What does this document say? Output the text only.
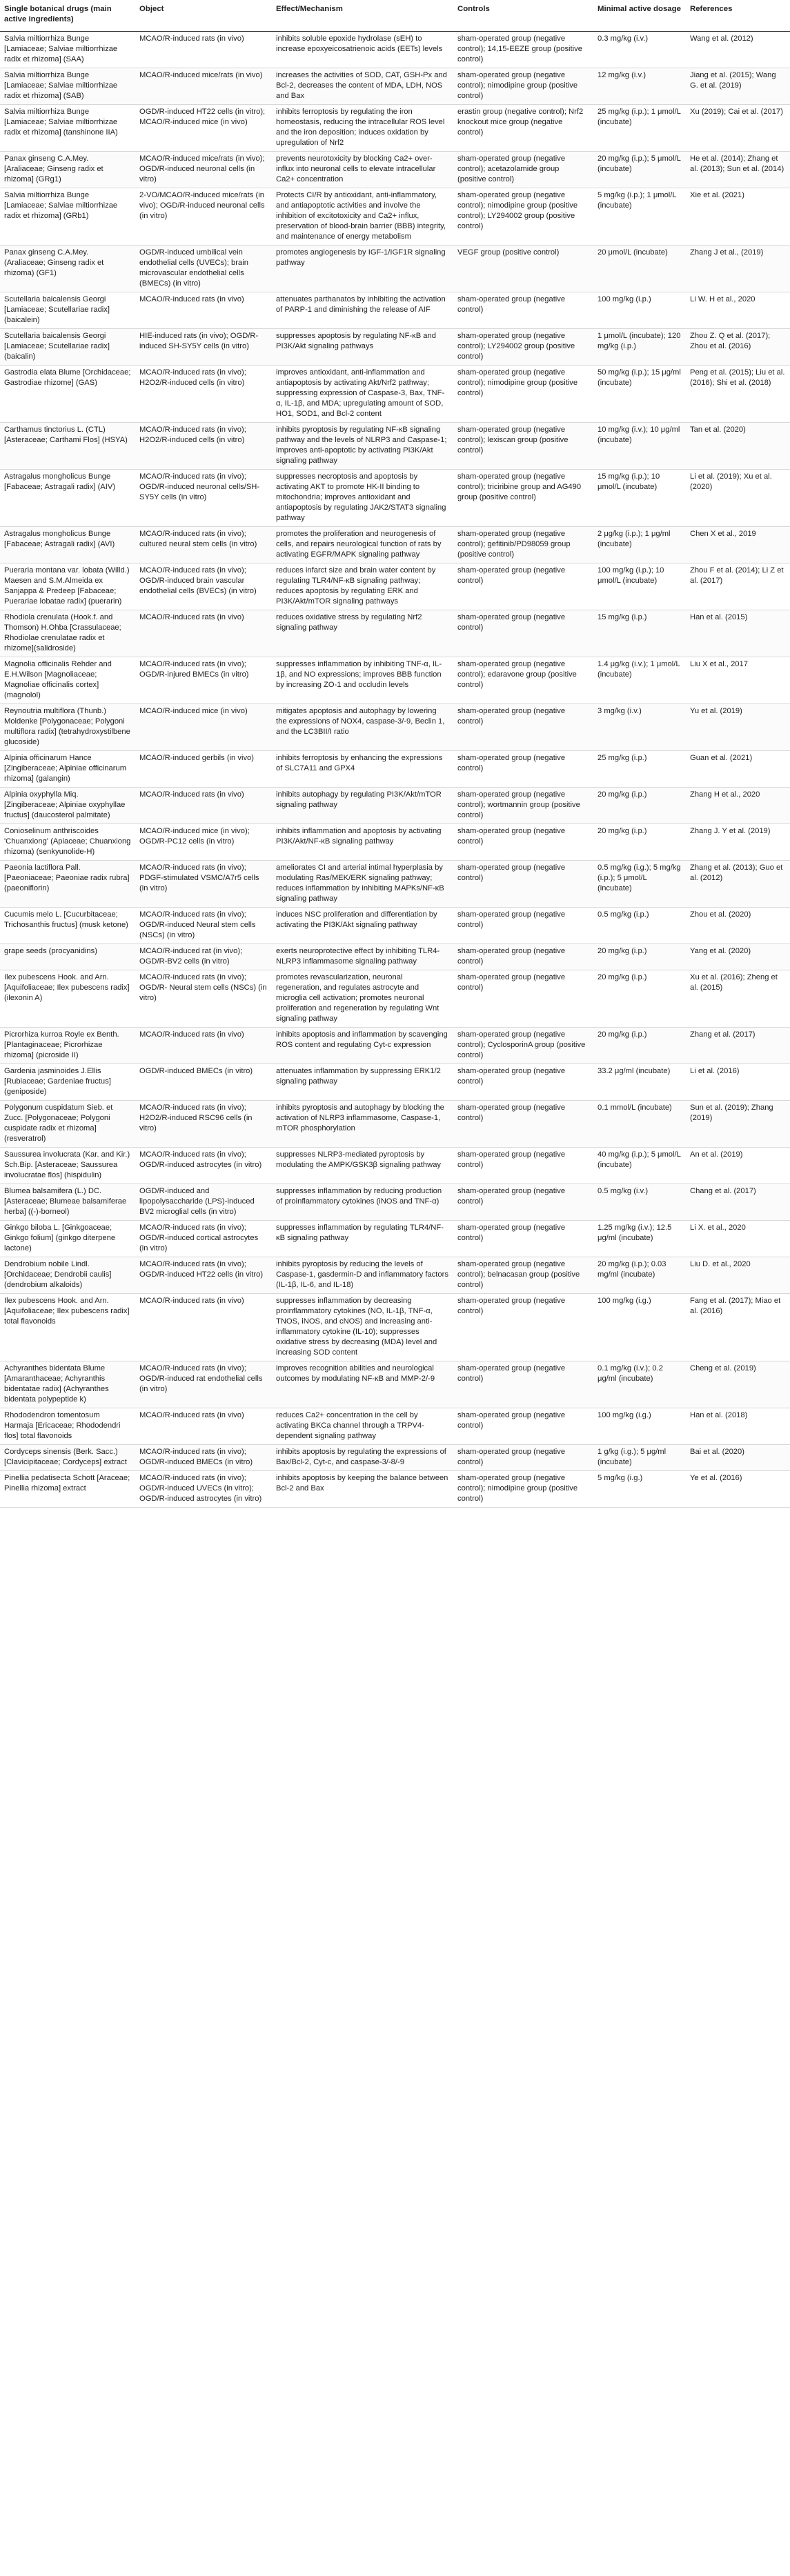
Single botanical drugs (main active ingredients)	Object	Effect/Mechanism	Controls	Minimal active dosage	References
Salvia miltiorrhiza Bunge [Lamiaceae; Salviae miltiorrhizae radix et rhizoma] (SAA)	MCAO/R-induced rats (in vivo)	inhibits soluble epoxide hydrolase (sEH) to increase epoxyeicosatrienoic acids (EETs) levels	sham-operated group (negative control); 14,15-EEZE group (positive control)	0.3 mg/kg (i.v.)	Wang et al. (2012)
Salvia miltiorrhiza Bunge [Lamiaceae; Salviae miltiorrhizae radix et rhizoma] (SAB)	MCAO/R-induced mice/rats (in vivo)	increases the activities of SOD, CAT, GSH-Px and Bcl-2, decreases the content of MDA, LDH, NOS and Bax	sham-operated group (negative control); nimodipine group (positive control)	12 mg/kg (i.v.)	Jiang et al. (2015); Wang G. et al. (2019)
Salvia miltiorrhiza Bunge [Lamiaceae; Salviae miltiorrhizae radix et rhizoma] (tanshinone IIA)	OGD/R-induced HT22 cells (in vitro); MCAO/R-induced mice (in vivo)	inhibits ferroptosis by regulating the iron homeostasis, reducing the intracellular ROS level and the iron deposition; induces oxidation by upregulation of Nrf2	erastin group (negative control); Nrf2 knockout mice group (negative control)	25 mg/kg (i.p.); 1 μmol/L (incubate)	Xu (2019); Cai et al. (2017)
Panax ginseng C.A.Mey. [Araliaceae; Ginseng radix et rhizoma] (GRg1)	MCAO/R-induced mice/rats (in vivo); OGD/R-induced neuronal cells (in vitro)	prevents neurotoxicity by blocking Ca2+ over-influx into neuronal cells to elevate intracellular Ca2+ concentration	sham-operated group (negative control); acetazolamide group (positive control)	20 mg/kg (i.p.); 5 μmol/L (incubate)	He et al. (2014); Zhang et al. (2013); Sun et al. (2014)
Salvia miltiorrhiza Bunge [Lamiaceae; Salviae miltiorrhizae radix et rhizoma] (GRb1)	2-VO/MCAO/R-induced mice/rats (in vivo); OGD/R-induced neuronal cells (in vitro)	Protects CI/R by antioxidant, anti-inflammatory, and antiapoptotic activities and involve the inhibition of excitotoxicity and Ca2+ influx, preservation of blood-brain barrier (BBB) integrity, and maintenance of energy metabolism	sham-operated group (negative control); nimodipine group (positive control); LY294002 group (positive control)	5 mg/kg (i.p.); 1 μmol/L (incubate)	Xie et al. (2021)
Panax ginseng C.A.Mey. (Araliaceae; Ginseng radix et rhizoma) (GF1)	OGD/R-induced umbilical vein endothelial cells (UVECs); brain microvascular endothelial cells (BMECs) (in vitro)	promotes angiogenesis by IGF-1/IGF1R signaling pathway	VEGF group (positive control)	20 μmol/L (incubate)	Zhang J et al., (2019)
Scutellaria baicalensis Georgi [Lamiaceae; Scutellariae radix] (baicalein)	MCAO/R-induced rats (in vivo)	attenuates parthanatos by inhibiting the activation of PARP-1 and diminishing the release of AIF	sham-operated group (negative control)	100 mg/kg (i.p.)	Li W. H et al., 2020
Scutellaria baicalensis Georgi [Lamiaceae; Scutellariae radix] (baicalin)	HIE-induced rats (in vivo); OGD/R-induced SH-SY5Y cells (in vitro)	suppresses apoptosis by regulating NF-κB and PI3K/Akt signaling pathways	sham-operated group (negative control); LY294002 group (positive control)	1 μmol/L (incubate); 120 mg/kg (i.p.)	Zhou Z. Q et al. (2017); Zhou et al. (2016)
Gastrodia elata Blume [Orchidaceae; Gastrodiae rhizome] (GAS)	MCAO/R-induced rats (in vivo); H2O2/R-induced cells (in vitro)	improves antioxidant, anti-inflammation and antiapoptosis by activating Akt/Nrf2 pathway; suppressing expression of Caspase-3, Bax, TNF-α, IL-1β, and MDA; upregulating amount of SOD, HO1, SOD1, and Bcl-2 content	sham-operated group (negative control); nimodipine group (positive control)	50 mg/kg (i.p.); 15 μg/ml (incubate)	Peng et al. (2015); Liu et al. (2016); Shi et al. (2018)
Carthamus tinctorius L. (CTL) [Asteraceae; Carthami Flos] (HSYA)	MCAO/R-induced rats (in vivo); H2O2/R-induced cells (in vitro)	inhibits pyroptosis by regulating NF-κB signaling pathway and the levels of NLRP3 and Caspase-1; improves anti-apoptotic by activating PI3K/Akt signaling pathway	sham-operated group (negative control); lexiscan group (positive control)	10 mg/kg (i.v.); 10 μg/ml (incubate)	Tan et al. (2020)
Astragalus mongholicus Bunge [Fabaceae; Astragali radix] (AIV)	MCAO/R-induced rats (in vivo); OGD/R-induced neuronal cells/SH-SY5Y cells (in vitro)	suppresses necroptosis and apoptosis by activating AKT to promote HK-II binding to mitochondria; improves antioxidant and antiapoptosis by regulating JAK2/STAT3 signaling pathway	sham-operated group (negative control); triciribine group and AG490 group (positive control)	15 mg/kg (i.p.); 10 μmol/L (incubate)	Li et al. (2019); Xu et al. (2020)
Astragalus mongholicus Bunge [Fabaceae; Astragali radix] (AVI)	MCAO/R-induced rats (in vivo); cultured neural stem cells (in vitro)	promotes the proliferation and neurogenesis of cells, and repairs neurological function of rats by activating EGFR/MAPK signaling pathway	sham-operated group (negative control); gefitinib/PD98059 group (positive control)	2 μg/kg (i.p.); 1 μg/ml (incubate)	Chen X et al., 2019
Pueraria montana var. lobata (Willd.) Maesen and S.M.Almeida ex Sanjappa & Predeep [Fabaceae; Puerariae lobatae radix] (puerarin)	MCAO/R-induced rats (in vivo); OGD/R-induced brain vascular endothelial cells (BVECs) (in vitro)	reduces infarct size and brain water content by regulating TLR4/NF-κB signaling pathway; reduces apoptosis by regulating ERK and PI3K/Akt/mTOR signaling pathways	sham-operated group (negative control)	100 mg/kg (i.p.); 10 μmol/L (incubate)	Zhou F et al. (2014); Li Z et al. (2017)
Rhodiola crenulata (Hook.f. and Thomson) H.Ohba [Crassulaceae; Rhodiolae crenulatae radix et rhizome](salidroside)	MCAO/R-induced rats (in vivo)	reduces oxidative stress by regulating Nrf2 signaling pathway	sham-operated group (negative control)	15 mg/kg (i.p.)	Han et al. (2015)
Magnolia officinalis Rehder and E.H.Wilson [Magnoliaceae; Magnoliae officinalis cortex] (magnolol)	MCAO/R-induced rats (in vivo); OGD/R-injured BMECs (in vitro)	suppresses inflammation by inhibiting TNF-α, IL-1β, and NO expressions; improves BBB function by increasing ZO-1 and occludin levels	sham-operated group (negative control); edaravone group (positive control)	1.4 μg/kg (i.v.); 1 μmol/L (incubate)	Liu X et al., 2017
Reynoutria multiflora (Thunb.) Moldenke [Polygonaceae; Polygoni multiflora radix] (tetrahydroxystilbene glucoside)	MCAO/R-induced mice (in vivo)	mitigates apoptosis and autophagy by lowering the expressions of NOX4, caspase-3/-9, Beclin 1, and the LC3BII/I ratio	sham-operated group (negative control)	3 mg/kg (i.v.)	Yu et al. (2019)
Alpinia officinarum Hance [Zingiberaceae; Alpiniae officinarum rhizoma] (galangin)	MCAO/R-induced gerbils (in vivo)	inhibits ferroptosis by enhancing the expressions of SLC7A11 and GPX4	sham-operated group (negative control)	25 mg/kg (i.p.)	Guan et al. (2021)
Alpinia oxyphylla Miq. [Zingiberaceae; Alpiniae oxyphyllae fructus] (daucosterol palmitate)	MCAO/R-induced rats (in vivo)	inhibits autophagy by regulating PI3K/Akt/mTOR signaling pathway	sham-operated group (negative control); wortmannin group (positive control)	20 mg/kg (i.p.)	Zhang H et al., 2020
Conioselinum anthriscoides 'Chuanxiong' (Apiaceae; Chuanxiong rhizoma) (senkyunolide-H)	MCAO/R-induced mice (in vivo); OGD/R-PC12 cells (in vitro)	inhibits inflammation and apoptosis by activating PI3K/Akt/NF-κB signaling pathway	sham-operated group (negative control)	20 mg/kg (i.p.)	Zhang J. Y et al. (2019)
Paeonia lactiflora Pall. [Paeoniaceae; Paeoniae radix rubra] (paeoniflorin)	MCAO/R-induced rats (in vivo); PDGF-stimulated VSMC/A7r5 cells (in vitro)	ameliorates CI and arterial intimal hyperplasia by modulating Ras/MEK/ERK signaling pathway; reduces inflammation by inhibiting MAPKs/NF-κB signaling pathway	sham-operated group (negative control)	0.5 mg/kg (i.g.); 5 mg/kg (i.p.); 5 μmol/L (incubate)	Zhang et al. (2013); Guo et al. (2012)
Cucumis melo L. [Cucurbitaceae; Trichosanthis fructus] (musk ketone)	MCAO/R-induced rats (in vivo); OGD/R-induced Neural stem cells (NSCs) (in vitro)	induces NSC proliferation and differentiation by activating the PI3K/Akt signaling pathway	sham-operated group (negative control)	0.5 mg/kg (i.p.)	Zhou et al. (2020)
grape seeds (procyanidins)	MCAO/R-induced rat (in vivo); OGD/R-BV2 cells (in vitro)	exerts neuroprotective effect by inhibiting TLR4-NLRP3 inflammasome signaling pathway	sham-operated group (negative control)	20 mg/kg (i.p.)	Yang et al. (2020)
Ilex pubescens Hook. and Arn. [Aquifoliaceae; Ilex pubescens radix] (ilexonin A)	MCAO/R-induced rats (in vivo); OGD/R- Neural stem cells (NSCs) (in vitro)	promotes revascularization, neuronal regeneration, and regulates astrocyte and microglia cell activation; promotes neuronal proliferation and regeneration by regulating Wnt signaling pathway	sham-operated group (negative control)	20 mg/kg (i.p.)	Xu et al. (2016); Zheng et al. (2015)
Picrorhiza kurroa Royle ex Benth. [Plantaginaceae; Picrorhizae rhizoma] (picroside II)	MCAO/R-induced rats (in vivo)	inhibits apoptosis and inflammation by scavenging ROS content and regulating Cyt-c expression	sham-operated group (negative control); CyclosporinA group (positive control)	20 mg/kg (i.p.)	Zhang et al. (2017)
Gardenia jasminoides J.Ellis [Rubiaceae; Gardeniae fructus] (geniposide)	OGD/R-induced BMECs (in vitro)	attenuates inflammation by suppressing ERK1/2 signaling pathway	sham-operated group (negative control)	33.2 μg/ml (incubate)	Li et al. (2016)
Polygonum cuspidatum Sieb. et Zucc. [Polygonaceae; Polygoni cuspidate radix et rhizoma] (resveratrol)	MCAO/R-induced rats (in vivo); H2O2/R-induced RSC96 cells (in vitro)	inhibits pyroptosis and autophagy by blocking the activation of NLRP3 inflammasome, Caspase-1, mTOR phosphorylation	sham-operated group (negative control)	0.1 mmol/L (incubate)	Sun et al. (2019); Zhang (2019)
Saussurea involucrata (Kar. and Kir.) Sch.Bip. [Asteraceae; Saussurea involucratae flos] (hispidulin)	MCAO/R-induced rats (in vivo); OGD/R-induced astrocytes (in vitro)	suppresses NLRP3-mediated pyroptosis by modulating the AMPK/GSK3β signaling pathway	sham-operated group (negative control)	40 mg/kg (i.p.); 5 μmol/L (incubate)	An et al. (2019)
Blumea balsamifera (L.) DC. [Asteraceae; Blumeae balsamiferae herba] ((-)-borneol)	OGD/R-induced and lipopolysaccharide (LPS)-induced BV2 microglial cells (in vitro)	suppresses inflammation by reducing production of proinflammatory cytokines (iNOS and TNF-α)	sham-operated group (negative control)	0.5 mg/kg (i.v.)	Chang et al. (2017)
Ginkgo biloba L. [Ginkgoaceae; Ginkgo folium] (ginkgo diterpene lactone)	MCAO/R-induced rats (in vivo); OGD/R-induced cortical astrocytes (in vitro)	suppresses inflammation by regulating TLR4/NF-κB signaling pathway	sham-operated group (negative control)	1.25 mg/kg (i.v.); 12.5 μg/ml (incubate)	Li X. et al., 2020
Dendrobium nobile Lindl. [Orchidaceae; Dendrobii caulis] (dendrobium alkaloids)	MCAO/R-induced rats (in vivo); OGD/R-induced HT22 cells (in vitro)	inhibits pyroptosis by reducing the levels of Caspase-1, gasdermin-D and inflammatory factors (IL-1β, IL-6, and IL-18)	sham-operated group (negative control); belnacasan group (positive control)	20 mg/kg (i.p.); 0.03 mg/ml (incubate)	Liu D. et al., 2020
Ilex pubescens Hook. and Arn. [Aquifoliaceae; Ilex pubescens radix] total flavonoids	MCAO/R-induced rats (in vivo)	suppresses inflammation by decreasing proinflammatory cytokines (NO, IL-1β, TNF-α, TNOS, iNOS, and cNOS) and increasing anti-inflammatory cytokine (IL-10); suppresses oxidative stress by decreasing (MDA) level and increasing SOD content	sham-operated group (negative control)	100 mg/kg (i.g.)	Fang et al. (2017); Miao et al. (2016)
Achyranthes bidentata Blume [Amaranthaceae; Achyranthis bidentatae radix] (Achyranthes bidentata polypeptide k)	MCAO/R-induced rats (in vivo); OGD/R-induced rat endothelial cells (in vitro)	improves recognition abilities and neurological outcomes by modulating NF-κB and MMP-2/-9	sham-operated group (negative control)	0.1 mg/kg (i.v.); 0.2 μg/ml (incubate)	Cheng et al. (2019)
Rhododendron tomentosum Harmaja [Ericaceae; Rhododendri flos] total flavonoids	MCAO/R-induced rats (in vivo)	reduces Ca2+ concentration in the cell by activating BKCa channel through a TRPV4-dependent signaling pathway	sham-operated group (negative control)	100 mg/kg (i.g.)	Han et al. (2018)
Cordyceps sinensis (Berk. Sacc.) [Clavicipitaceae; Cordyceps] extract	MCAO/R-induced rats (in vivo); OGD/R-induced BMECs (in vitro)	inhibits apoptosis by regulating the expressions of Bax/Bcl-2, Cyt-c, and caspase-3/-8/-9	sham-operated group (negative control)	1 g/kg (i.g.); 5 μg/ml (incubate)	Bai et al. (2020)
Pinellia pedatisecta Schott [Araceae; Pinellia rhizoma] extract	MCAO/R-induced rats (in vivo); OGD/R-induced UVECs (in vitro); OGD/R-induced astrocytes (in vitro)	inhibits apoptosis by keeping the balance between Bcl-2 and Bax	sham-operated group (negative control); nimodipine group (positive control)	5 mg/kg (i.g.)	Ye et al. (2016)
